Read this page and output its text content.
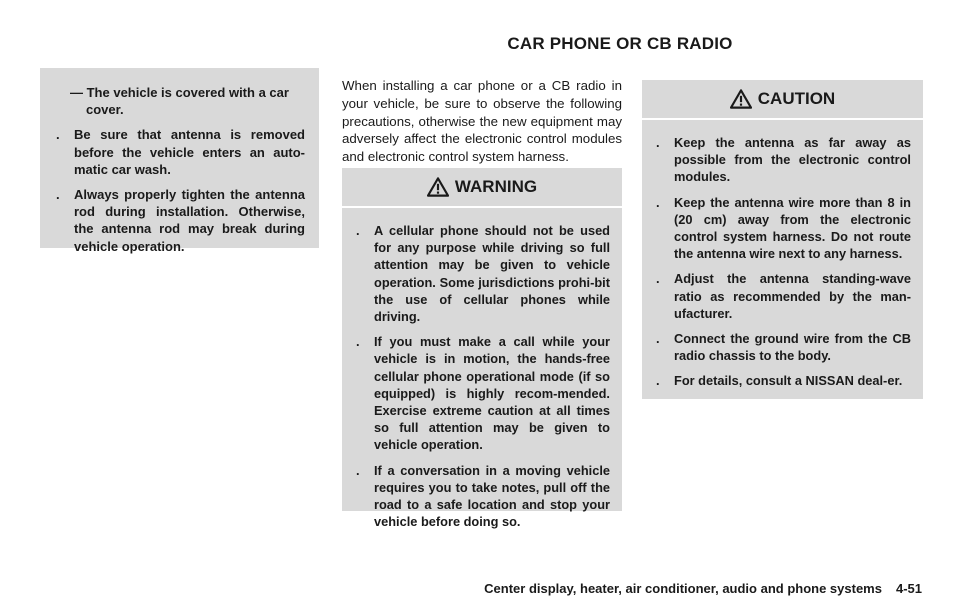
CAR PHONE OR CB RADIO
— The vehicle is covered with a car cover.
.	Be sure that antenna is removed before the vehicle enters an auto-matic car wash.
.	Always properly tighten the antenna rod during installation. Otherwise, the antenna rod may break during vehicle operation.
When installing a car phone or a CB radio in your vehicle, be sure to observe the following precautions, otherwise the new equipment may adversely affect the electronic control modules and electronic control system harness.
WARNING
.	A cellular phone should not be used for any purpose while driving so full attention may be given to vehicle operation. Some jurisdictions prohi-bit the use of cellular phones while driving.
.	If you must make a call while your vehicle is in motion, the hands-free cellular phone operational mode (if so equipped) is highly recom-mended. Exercise extreme caution at all times so full attention may be given to vehicle operation.
.	If a conversation in a moving vehicle requires you to take notes, pull off the road to a safe location and stop your vehicle before doing so.
CAUTION
.	Keep the antenna as far away as possible from the electronic control modules.
.	Keep the antenna wire more than 8 in (20 cm) away from the electronic control system harness. Do not route the antenna wire next to any harness.
.	Adjust the antenna standing-wave ratio as recommended by the man-ufacturer.
.	Connect the ground wire from the CB radio chassis to the body.
.	For details, consult a NISSAN deal-er.
Center display, heater, air conditioner, audio and phone systems 4-51
